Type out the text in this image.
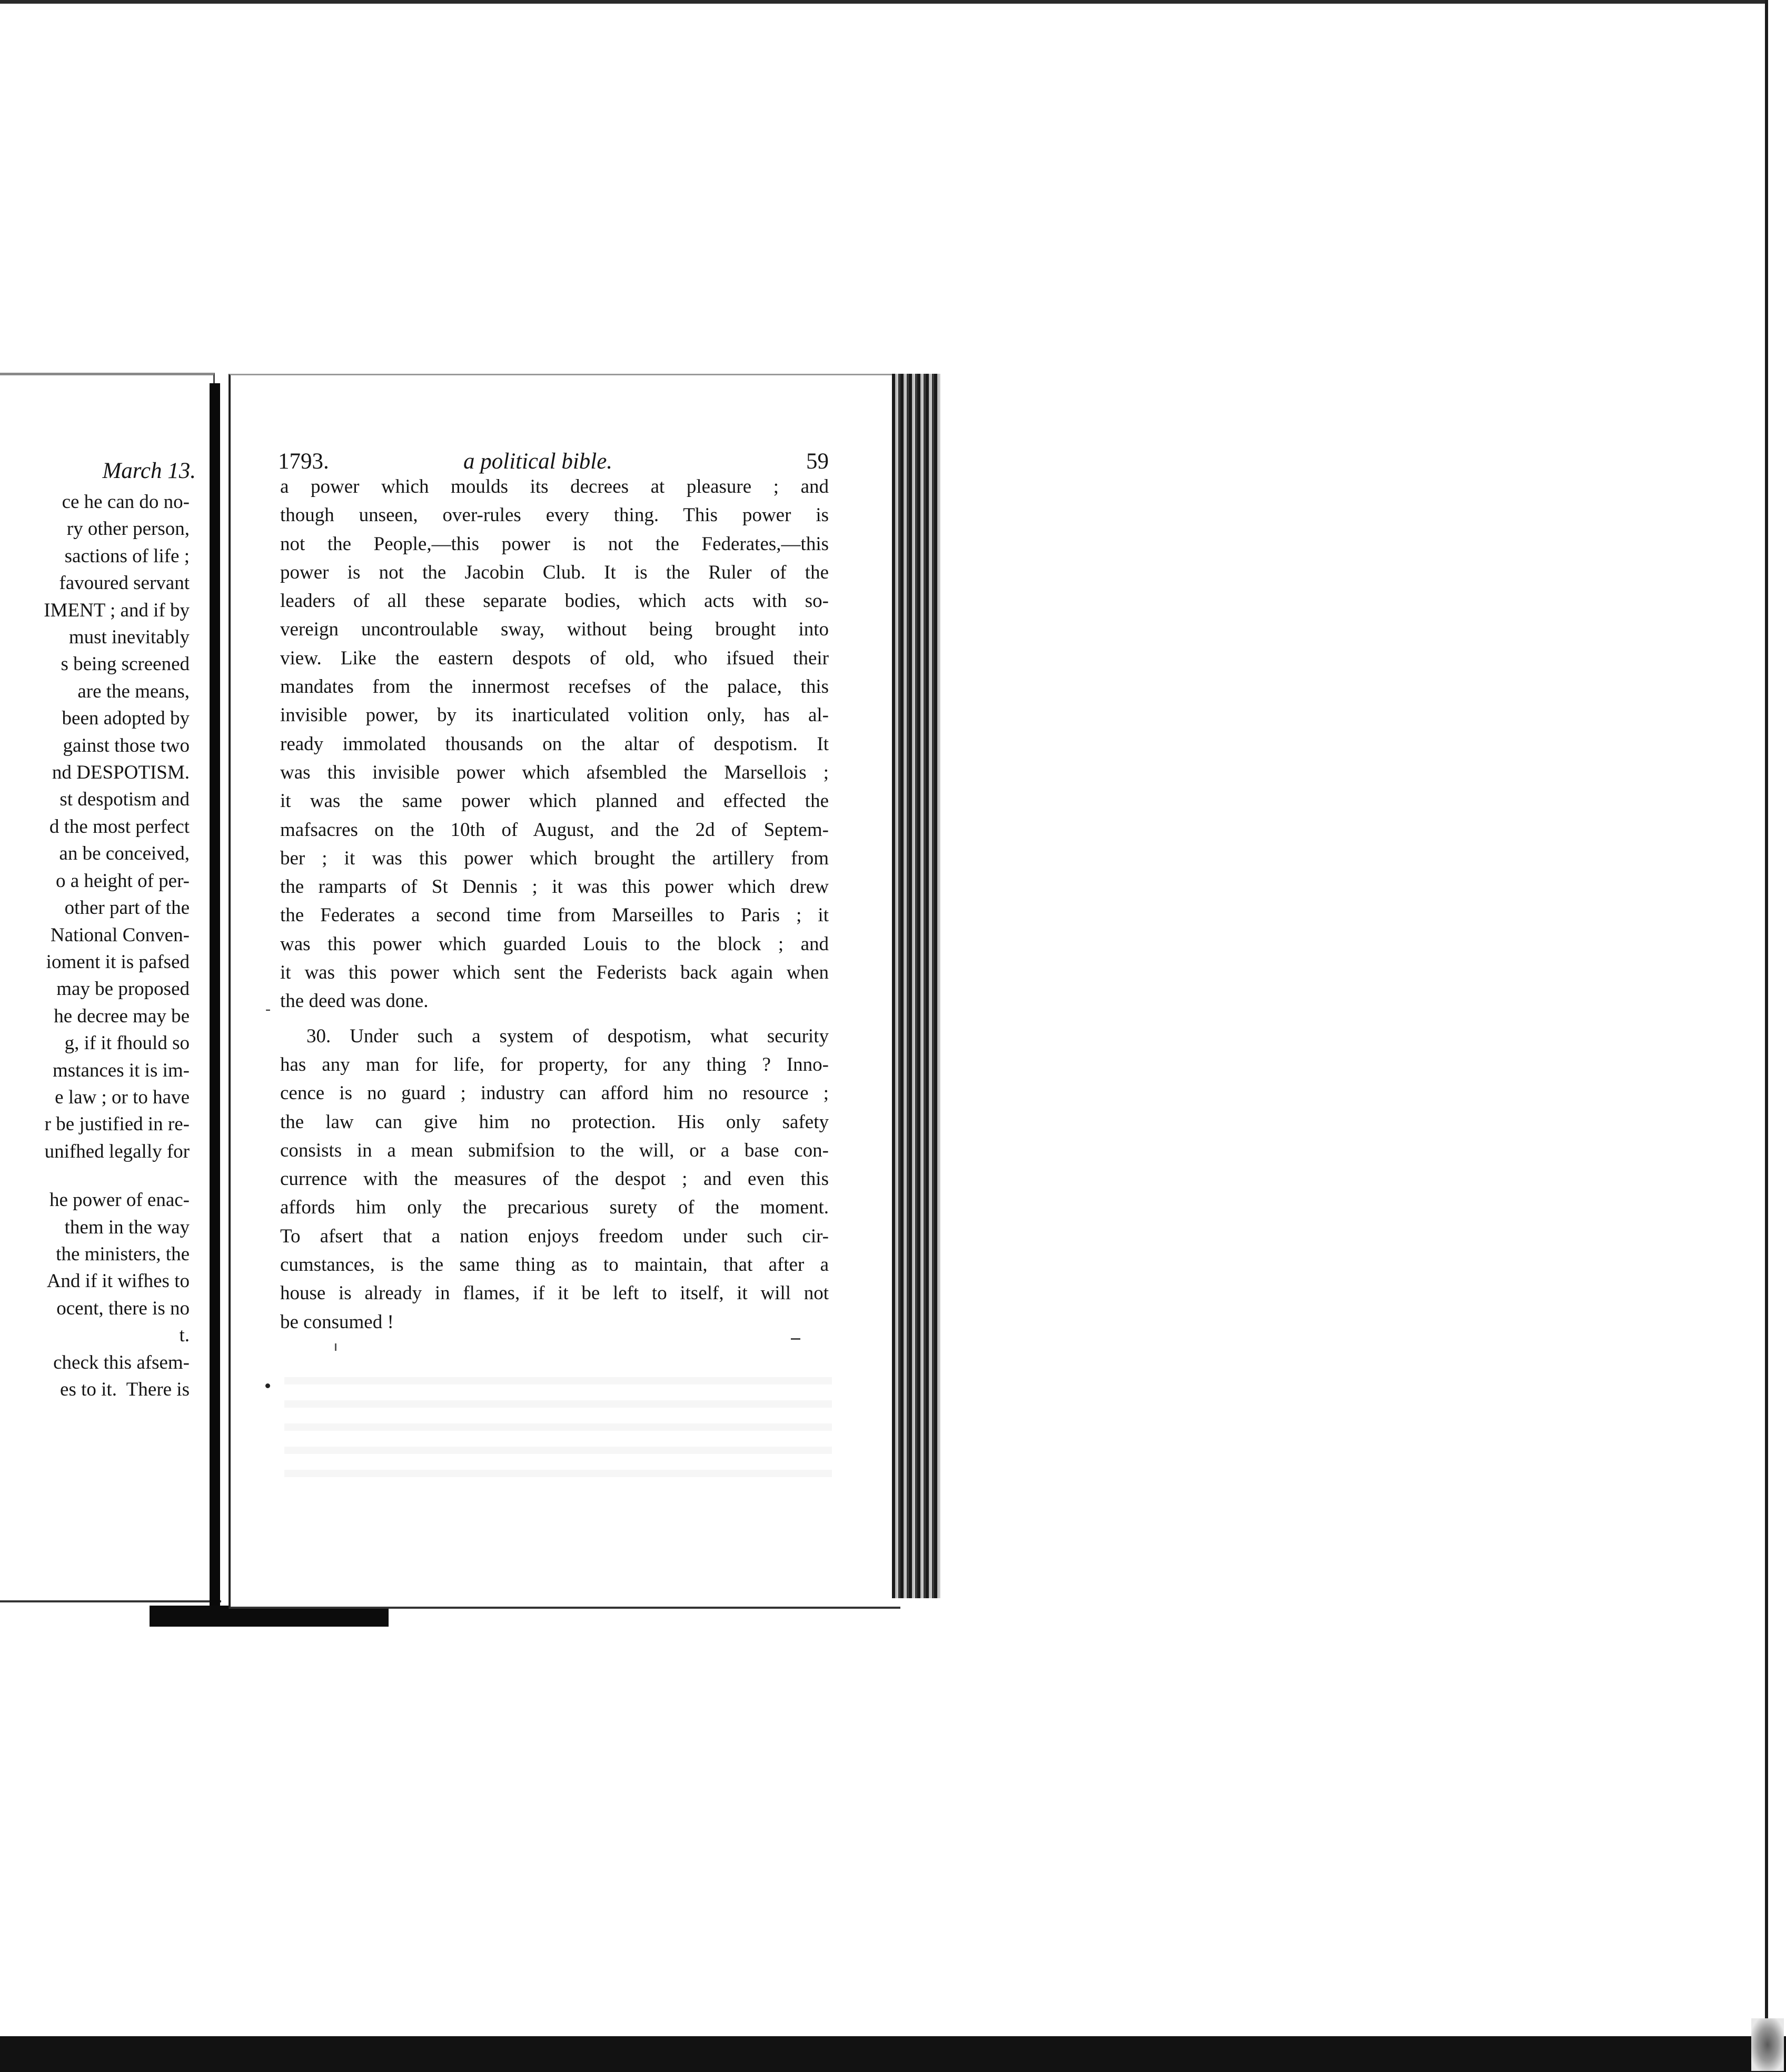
March 13.
ce he can do no-
ry other person,
sactions of life ;
favoured servant
IMENT ; and if by
must inevitably
s being screened
are the means,
been adopted by
gainst those two
nd DESPOTISM.
st despotism and
d the most perfect
an be conceived,
o a height of per-
other part of the
National Conven-
ioment it is pafsed
may be proposed
he decree may be
g, if it fhould so
mstances it is im-
e law ; or to have
r be justified in re-
unifhed legally for
he power of enac-
them in the way
the ministers, the
And if it wifhes to
ocent, there is no
t.
check this afsem-
es to it.  There is
1793.	a political bible.	59
a power which moulds its decrees at pleasure ; and
though unseen, over-rules every thing. This power is
not the People,—this power is not the Federates,—this
power is not the Jacobin Club. It is the Ruler of the
leaders of all these separate bodies, which acts with so-
vereign uncontroulable sway, without being brought into
view. Like the eastern despots of old, who ifsued their
mandates from the innermost recefses of the palace, this
invisible power, by its inarticulated volition only, has al-
ready immolated thousands on the altar of despotism. It
was this invisible power which afsembled the Marsellois ;
it was the same power which planned and effected the
mafsacres on the 10th of August, and the 2d of Septem-
ber ; it was this power which brought the artillery from
the ramparts of St Dennis ; it was this power which drew
the Federates a second time from Marseilles to Paris ; it
was this power which guarded Louis to the block ; and
it was this power which sent the Federists back again when
the deed was done.
30. Under such a system of despotism, what security
has any man for life, for property, for any thing ? Inno-
cence is no guard ; industry can afford him no resource ;
the law can give him no protection. His only safety
consists in a mean submifsion to the will, or a base con-
currence with the measures of the despot ; and even this
affords him only the precarious surety of the moment.
To afsert that a nation enjoys freedom under such cir-
cumstances, is the same thing as to maintain, that after a
house is already in flames, if it be left to itself, it will not
be consumed !
-
